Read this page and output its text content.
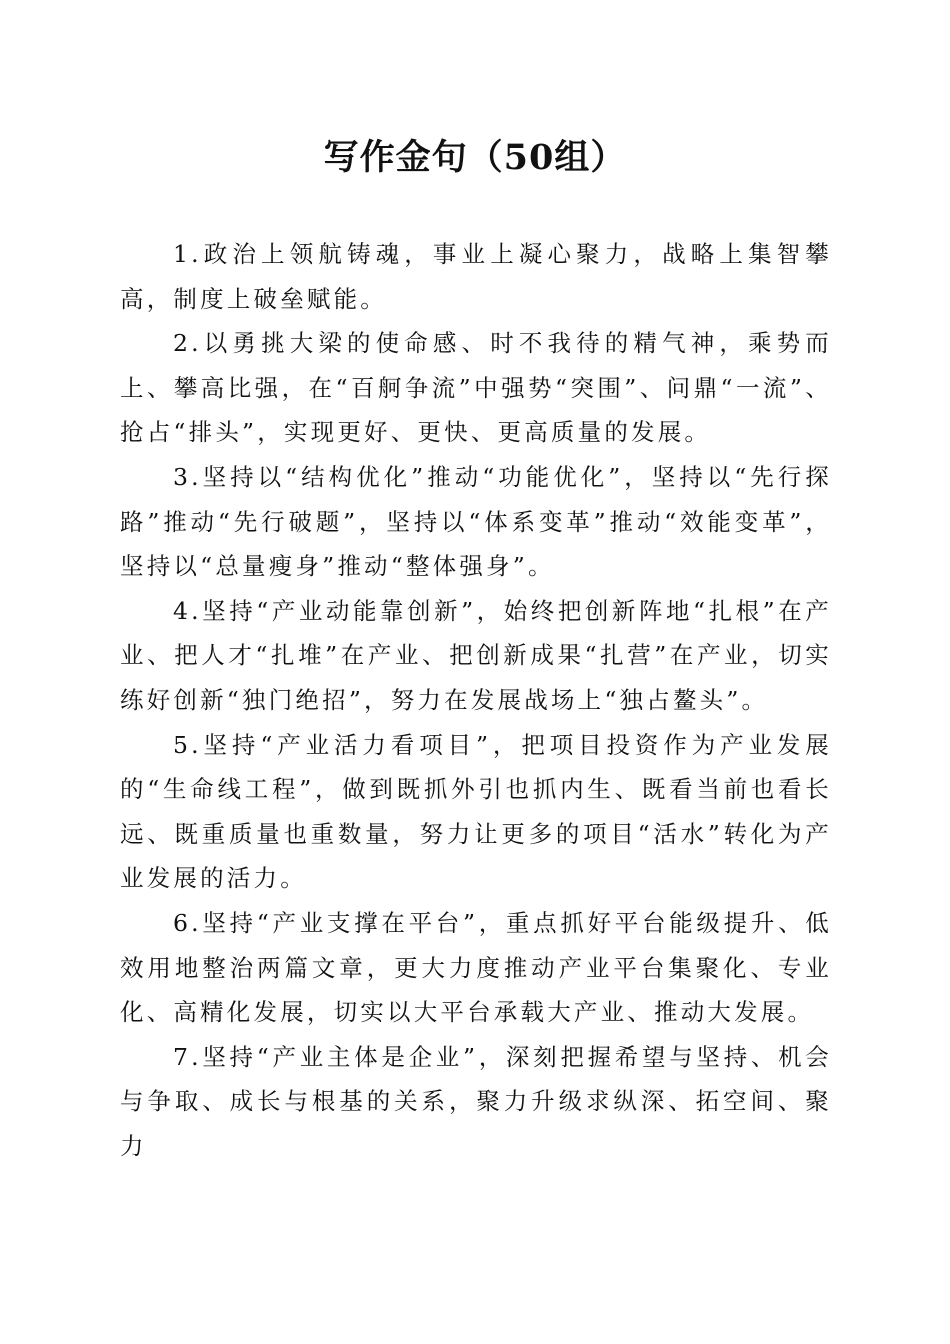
写作金句（50组）

1.政治上领航铸魂，事业上凝心聚力，战略上集智攀高，制度上破垒赋能。

2.以勇挑大梁的使命感、时不我待的精气神，乘势而上、攀高比强，在“百舸争流”中强势“突围”、问鼎“一流”、抢占“排头”，实现更好、更快、更高质量的发展。

3.坚持以“结构优化”推动“功能优化”，坚持以“先行探路”推动“先行破题”，坚持以“体系变革”推动“效能变革”，坚持以“总量瘦身”推动“整体强身”。

4.坚持“产业动能靠创新”，始终把创新阵地“扎根”在产业、把人才“扎堆”在产业、把创新成果“扎营”在产业，切实练好创新“独门绝招”，努力在发展战场上“独占鳌头”。

5.坚持“产业活力看项目”，把项目投资作为产业发展的“生命线工程”，做到既抓外引也抓内生、既看当前也看长远、既重质量也重数量，努力让更多的项目“活水”转化为产业发展的活力。

6.坚持“产业支撑在平台”，重点抓好平台能级提升、低效用地整治两篇文章，更大力度推动产业平台集聚化、专业化、高精化发展，切实以大平台承载大产业、推动大发展。

7.坚持“产业主体是企业”，深刻把握希望与坚持、机会与争取、成长与根基的关系，聚力升级求纵深、拓空间、聚力
